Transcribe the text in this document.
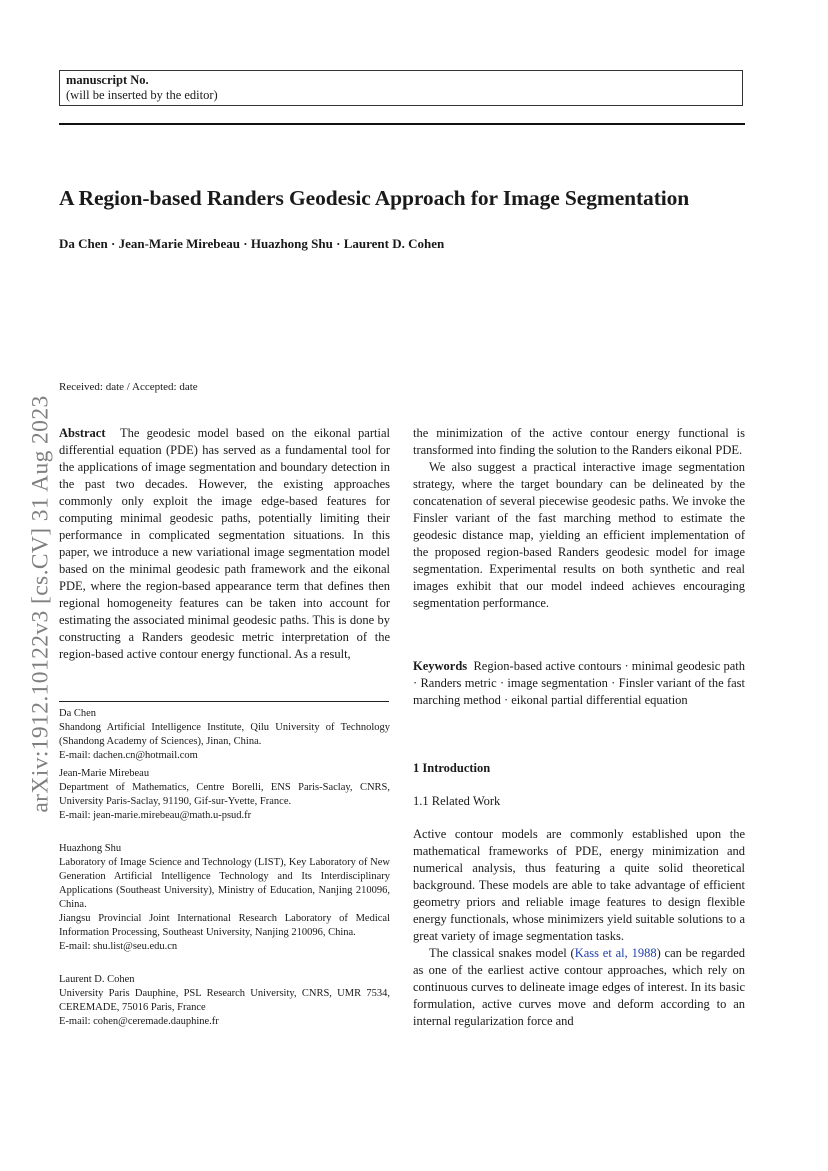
manuscript No.
(will be inserted by the editor)
A Region-based Randers Geodesic Approach for Image Segmentation
Da Chen · Jean-Marie Mirebeau · Huazhong Shu · Laurent D. Cohen
arXiv:1912.10122v3 [cs.CV] 31 Aug 2023
Received: date / Accepted: date

Abstract The geodesic model based on the eikonal partial differential equation (PDE) has served as a fundamental tool for the applications of image segmentation and boundary detection in the past two decades. However, the existing approaches commonly only exploit the image edge-based features for computing minimal geodesic paths, potentially limiting their performance in complicated segmentation situations. In this paper, we introduce a new variational image segmentation model based on the minimal geodesic path framework and the eikonal PDE, where the region-based appearance term that defines then regional homogeneity features can be taken into account for estimating the associated minimal geodesic paths. This is done by constructing a Randers geodesic metric interpretation of the region-based active contour energy functional. As a result,

Da Chen
Shandong Artificial Intelligence Institute, Qilu University of Technology (Shandong Academy of Sciences), Jinan, China.
E-mail: dachen.cn@hotmail.com
Jean-Marie Mirebeau
Department of Mathematics, Centre Borelli, ENS Paris-Saclay, CNRS, University Paris-Saclay, 91190, Gif-sur-Yvette, France.
E-mail: jean-marie.mirebeau@math.u-psud.fr
Huazhong Shu
Laboratory of Image Science and Technology (LIST), Key Laboratory of New Generation Artificial Intelligence Technology and Its Interdisciplinary Applications (Southeast University), Ministry of Education, Nanjing 210096, China.
Jiangsu Provincial Joint International Research Laboratory of Medical Information Processing, Southeast University, Nanjing 210096, China.
E-mail: shu.list@seu.edu.cn
Laurent D. Cohen
University Paris Dauphine, PSL Research University, CNRS, UMR 7534, CEREMADE, 75016 Paris, France
E-mail: cohen@ceremade.dauphine.fr

the minimization of the active contour energy functional is transformed into finding the solution to the Randers eikonal PDE.

We also suggest a practical interactive image segmentation strategy, where the target boundary can be delineated by the concatenation of several piecewise geodesic paths. We invoke the Finsler variant of the fast marching method to estimate the geodesic distance map, yielding an efficient implementation of the proposed region-based Randers geodesic model for image segmentation. Experimental results on both synthetic and real images exhibit that our model indeed achieves encouraging segmentation performance.

Keywords Region-based active contours · minimal geodesic path · Randers metric · image segmentation · Finsler variant of the fast marching method · eikonal partial differential equation
1 Introduction
1.1 Related Work

Active contour models are commonly established upon the mathematical frameworks of PDE, energy minimization and numerical analysis, thus featuring a quite solid theoretical background. These models are able to take advantage of efficient geometry priors and reliable image features to design flexible energy functionals, whose minimizers yield suitable solutions to a great variety of image segmentation tasks.

The classical snakes model (Kass et al, 1988) can be regarded as one of the earliest active contour approaches, which rely on continuous curves to delineate image edges of interest. In its basic formulation, active curves move and deform according to an internal regularization force and
